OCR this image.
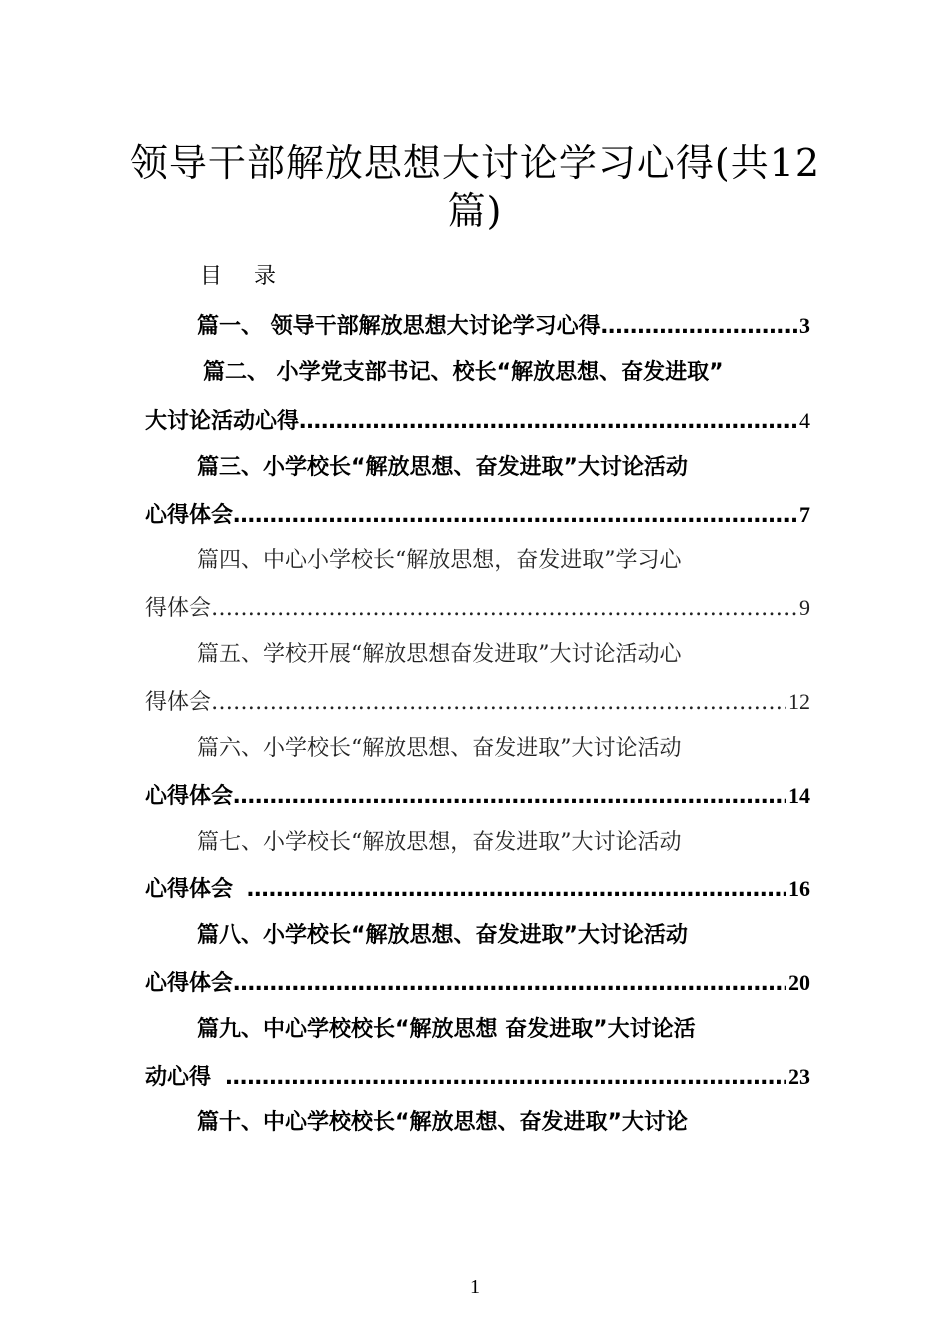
领导干部解放思想大讨论学习心得(共12
篇)
目 录
篇一、 领导干部解放思想大讨论学习心得 ……………………………………………………………………………………………………………………………………	3
篇二、 小学党支部书记、校长“解放思想、奋发进取”
大讨论活动心得 ……………………………………………………………………………………………………………………………………	4
篇三、小学校长“解放思想、奋发进取”大讨论活动
心得体会 ……………………………………………………………………………………………………………………………………	7
篇四、中心小学校长“解放思想，奋发进取”学习心
得体会 ……………………………………………………………………………………………………………………………………	9
篇五、学校开展“解放思想奋发进取”大讨论活动心
得体会 ……………………………………………………………………………………………………………………………………	12
篇六、小学校长“解放思想、奋发进取”大讨论活动
心得体会 ……………………………………………………………………………………………………………………………………	14
篇七、小学校长“解放思想，奋发进取”大讨论活动
心得体会 ……………………………………………………………………………………………………………………………………	16
篇八、小学校长“解放思想、奋发进取”大讨论活动
心得体会 ……………………………………………………………………………………………………………………………………	20
篇九、中心学校校长“解放思想 奋发进取”大讨论活
动心得 ……………………………………………………………………………………………………………………………………	23
篇十、中心学校校长“解放思想、奋发进取”大讨论
1
